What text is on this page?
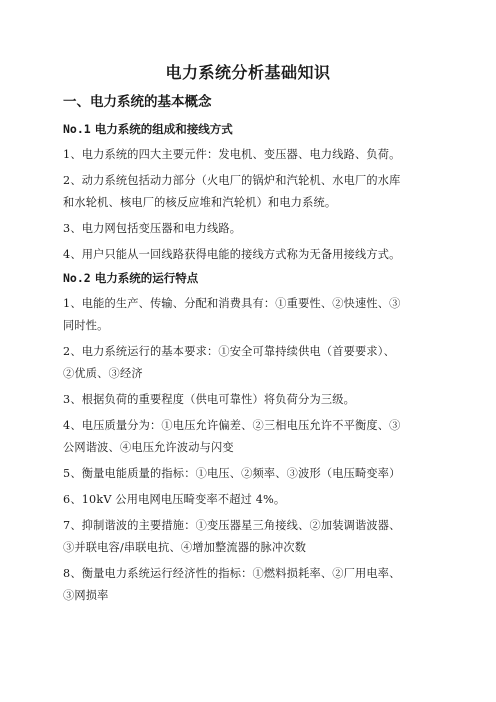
电力系统分析基础知识
一、电力系统的基本概念
No.1 电力系统的组成和接线方式
1、电力系统的四大主要元件：发电机、变压器、电力线路、负荷。
2、动力系统包括动力部分（火电厂的锅炉和汽轮机、水电厂的水库
和水轮机、核电厂的核反应堆和汽轮机）和电力系统。
3、电力网包括变压器和电力线路。
4、用户只能从一回线路获得电能的接线方式称为无备用接线方式。
No.2 电力系统的运行特点
1、电能的生产、传输、分配和消费具有：①重要性、②快速性、③
同时性。
2、电力系统运行的基本要求：①安全可靠持续供电（首要要求）、
②优质、③经济
3、根据负荷的重要程度（供电可靠性）将负荷分为三级。
4、电压质量分为：①电压允许偏差、②三相电压允许不平衡度、③
公网谐波、④电压允许波动与闪变
5、衡量电能质量的指标：①电压、②频率、③波形（电压畸变率）
6、10kV 公用电网电压畸变率不超过 4%。
7、抑制谐波的主要措施：①变压器星三角接线、②加装调谐波器、
③并联电容/串联电抗、④增加整流器的脉冲次数
8、衡量电力系统运行经济性的指标：①燃料损耗率、②厂用电率、
③网损率
